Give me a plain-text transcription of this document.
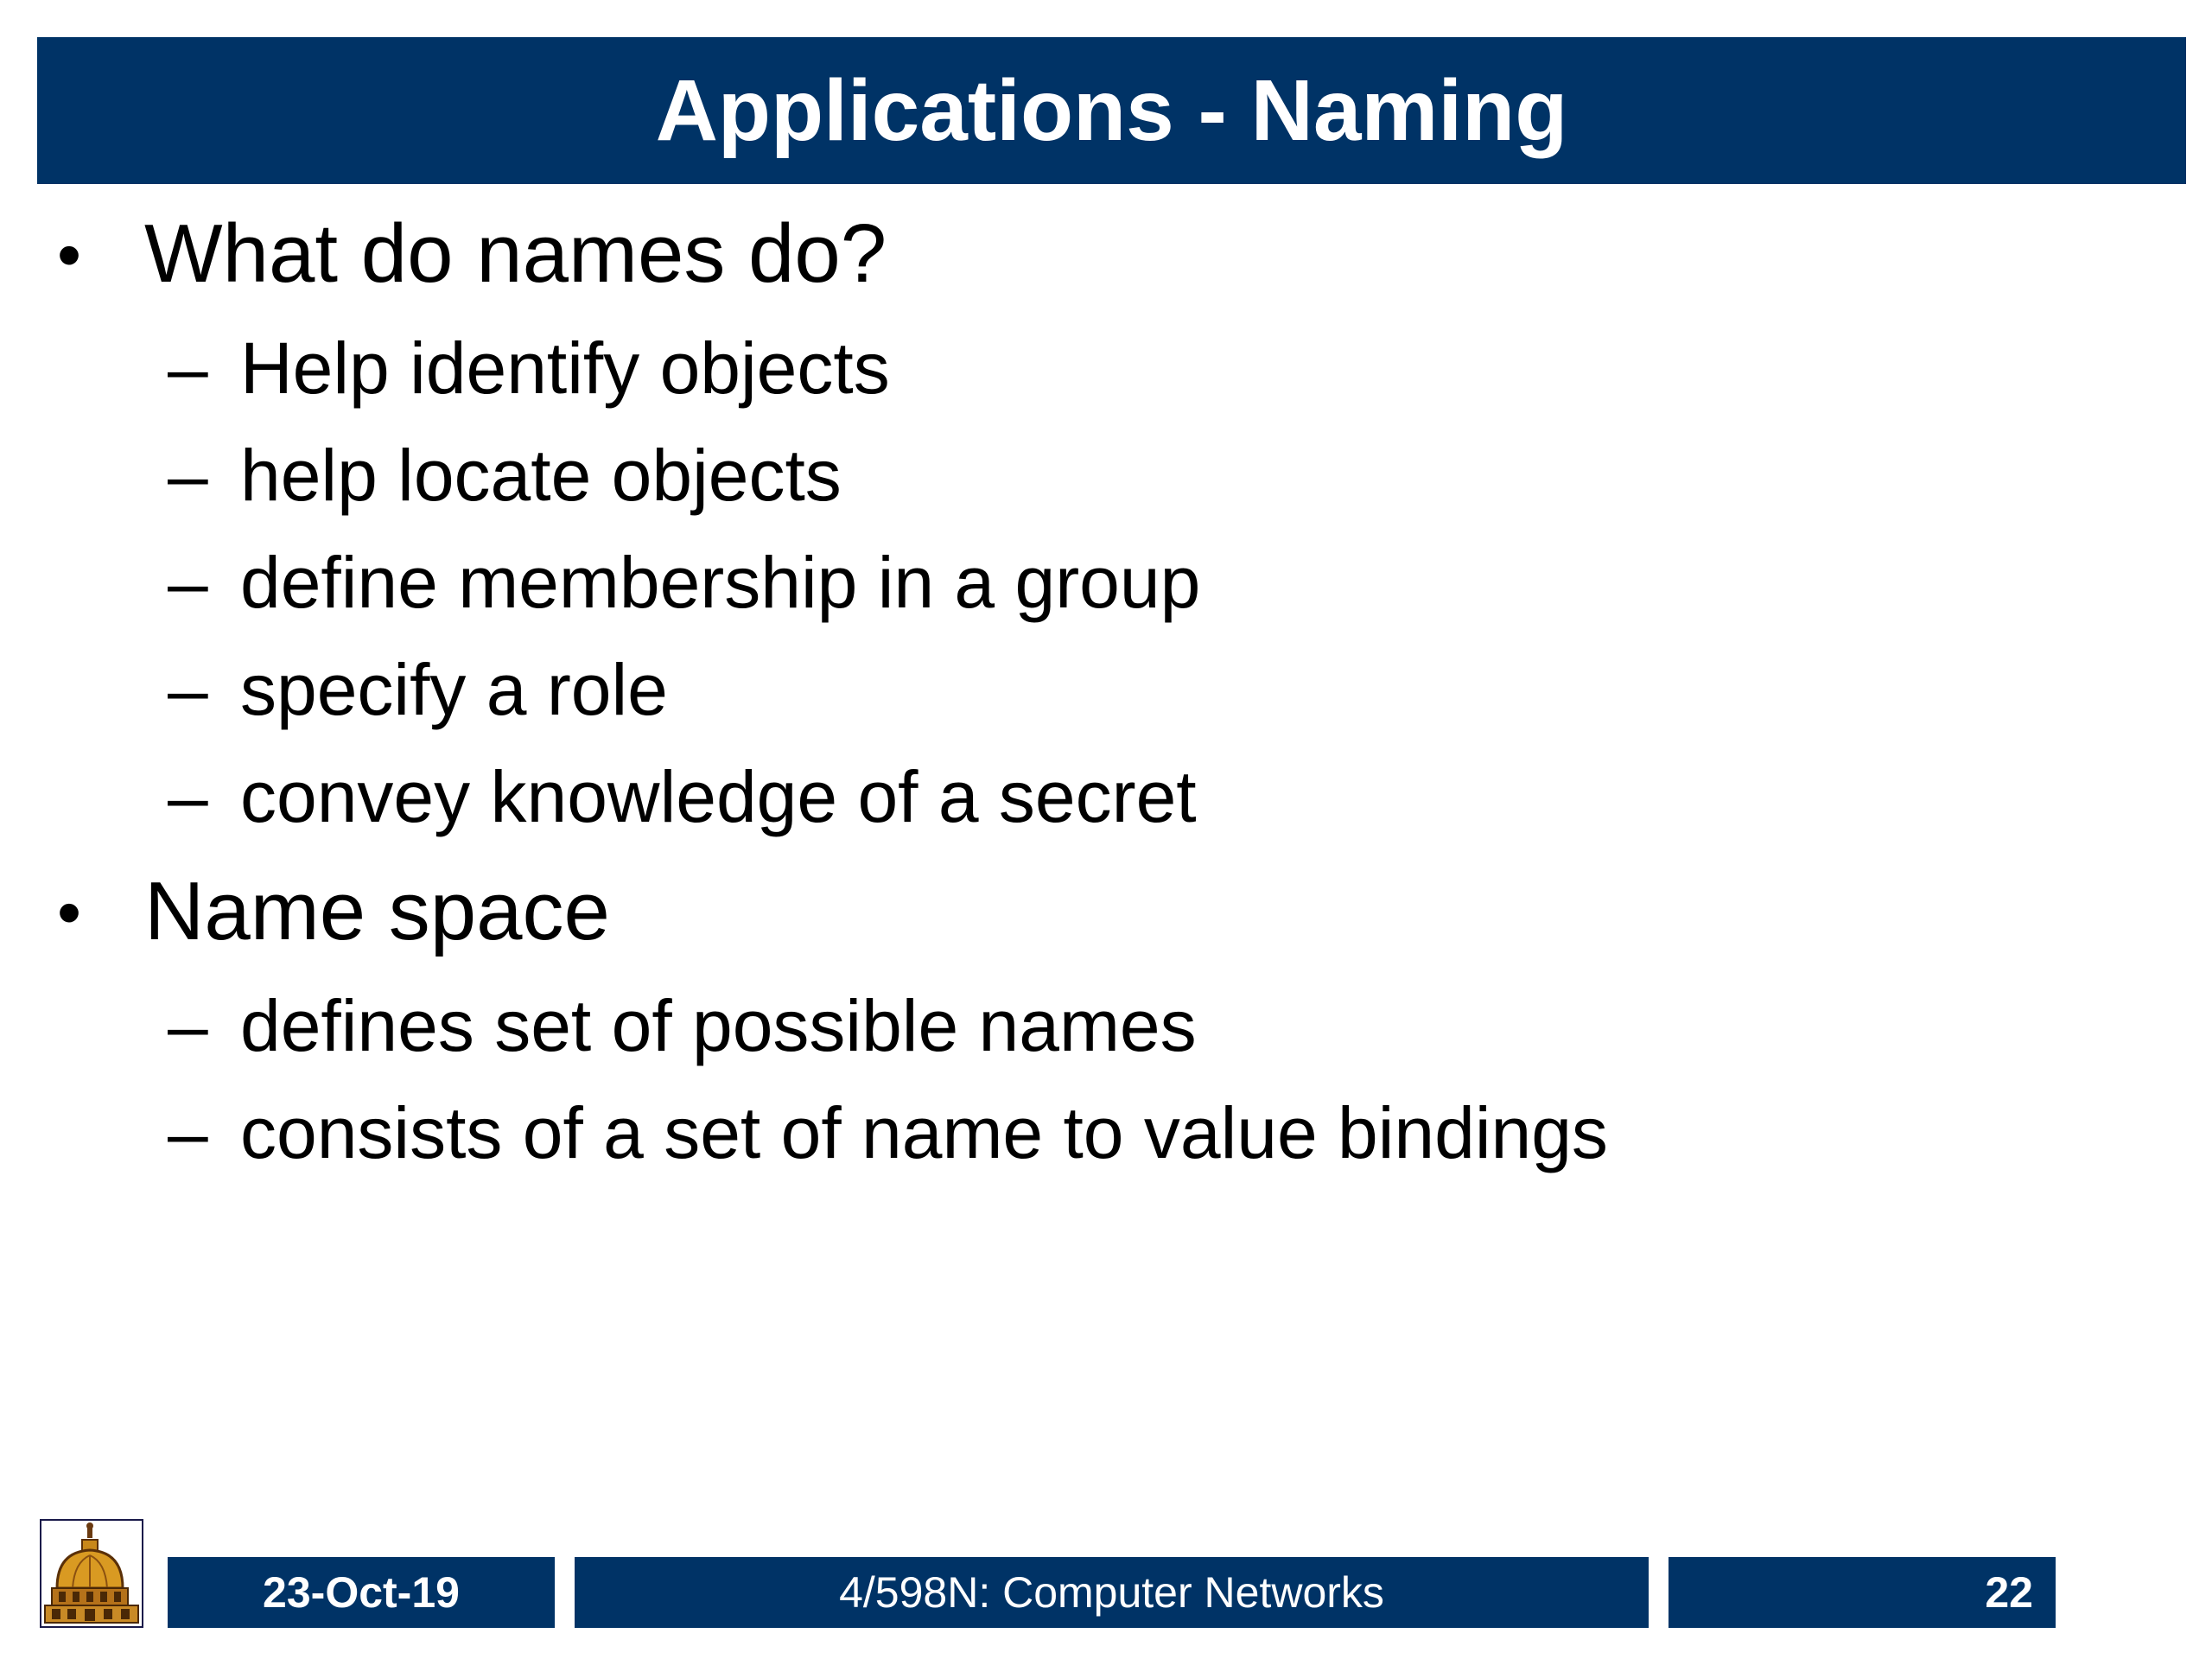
Applications - Naming
• What do names do?
– Help identify objects
– help locate objects
– define membership in a group
– specify a role
– convey knowledge of a secret
• Name space
– defines set of possible names
– consists of a set of name to value bindings
23-Oct-19	4/598N: Computer Networks	22
